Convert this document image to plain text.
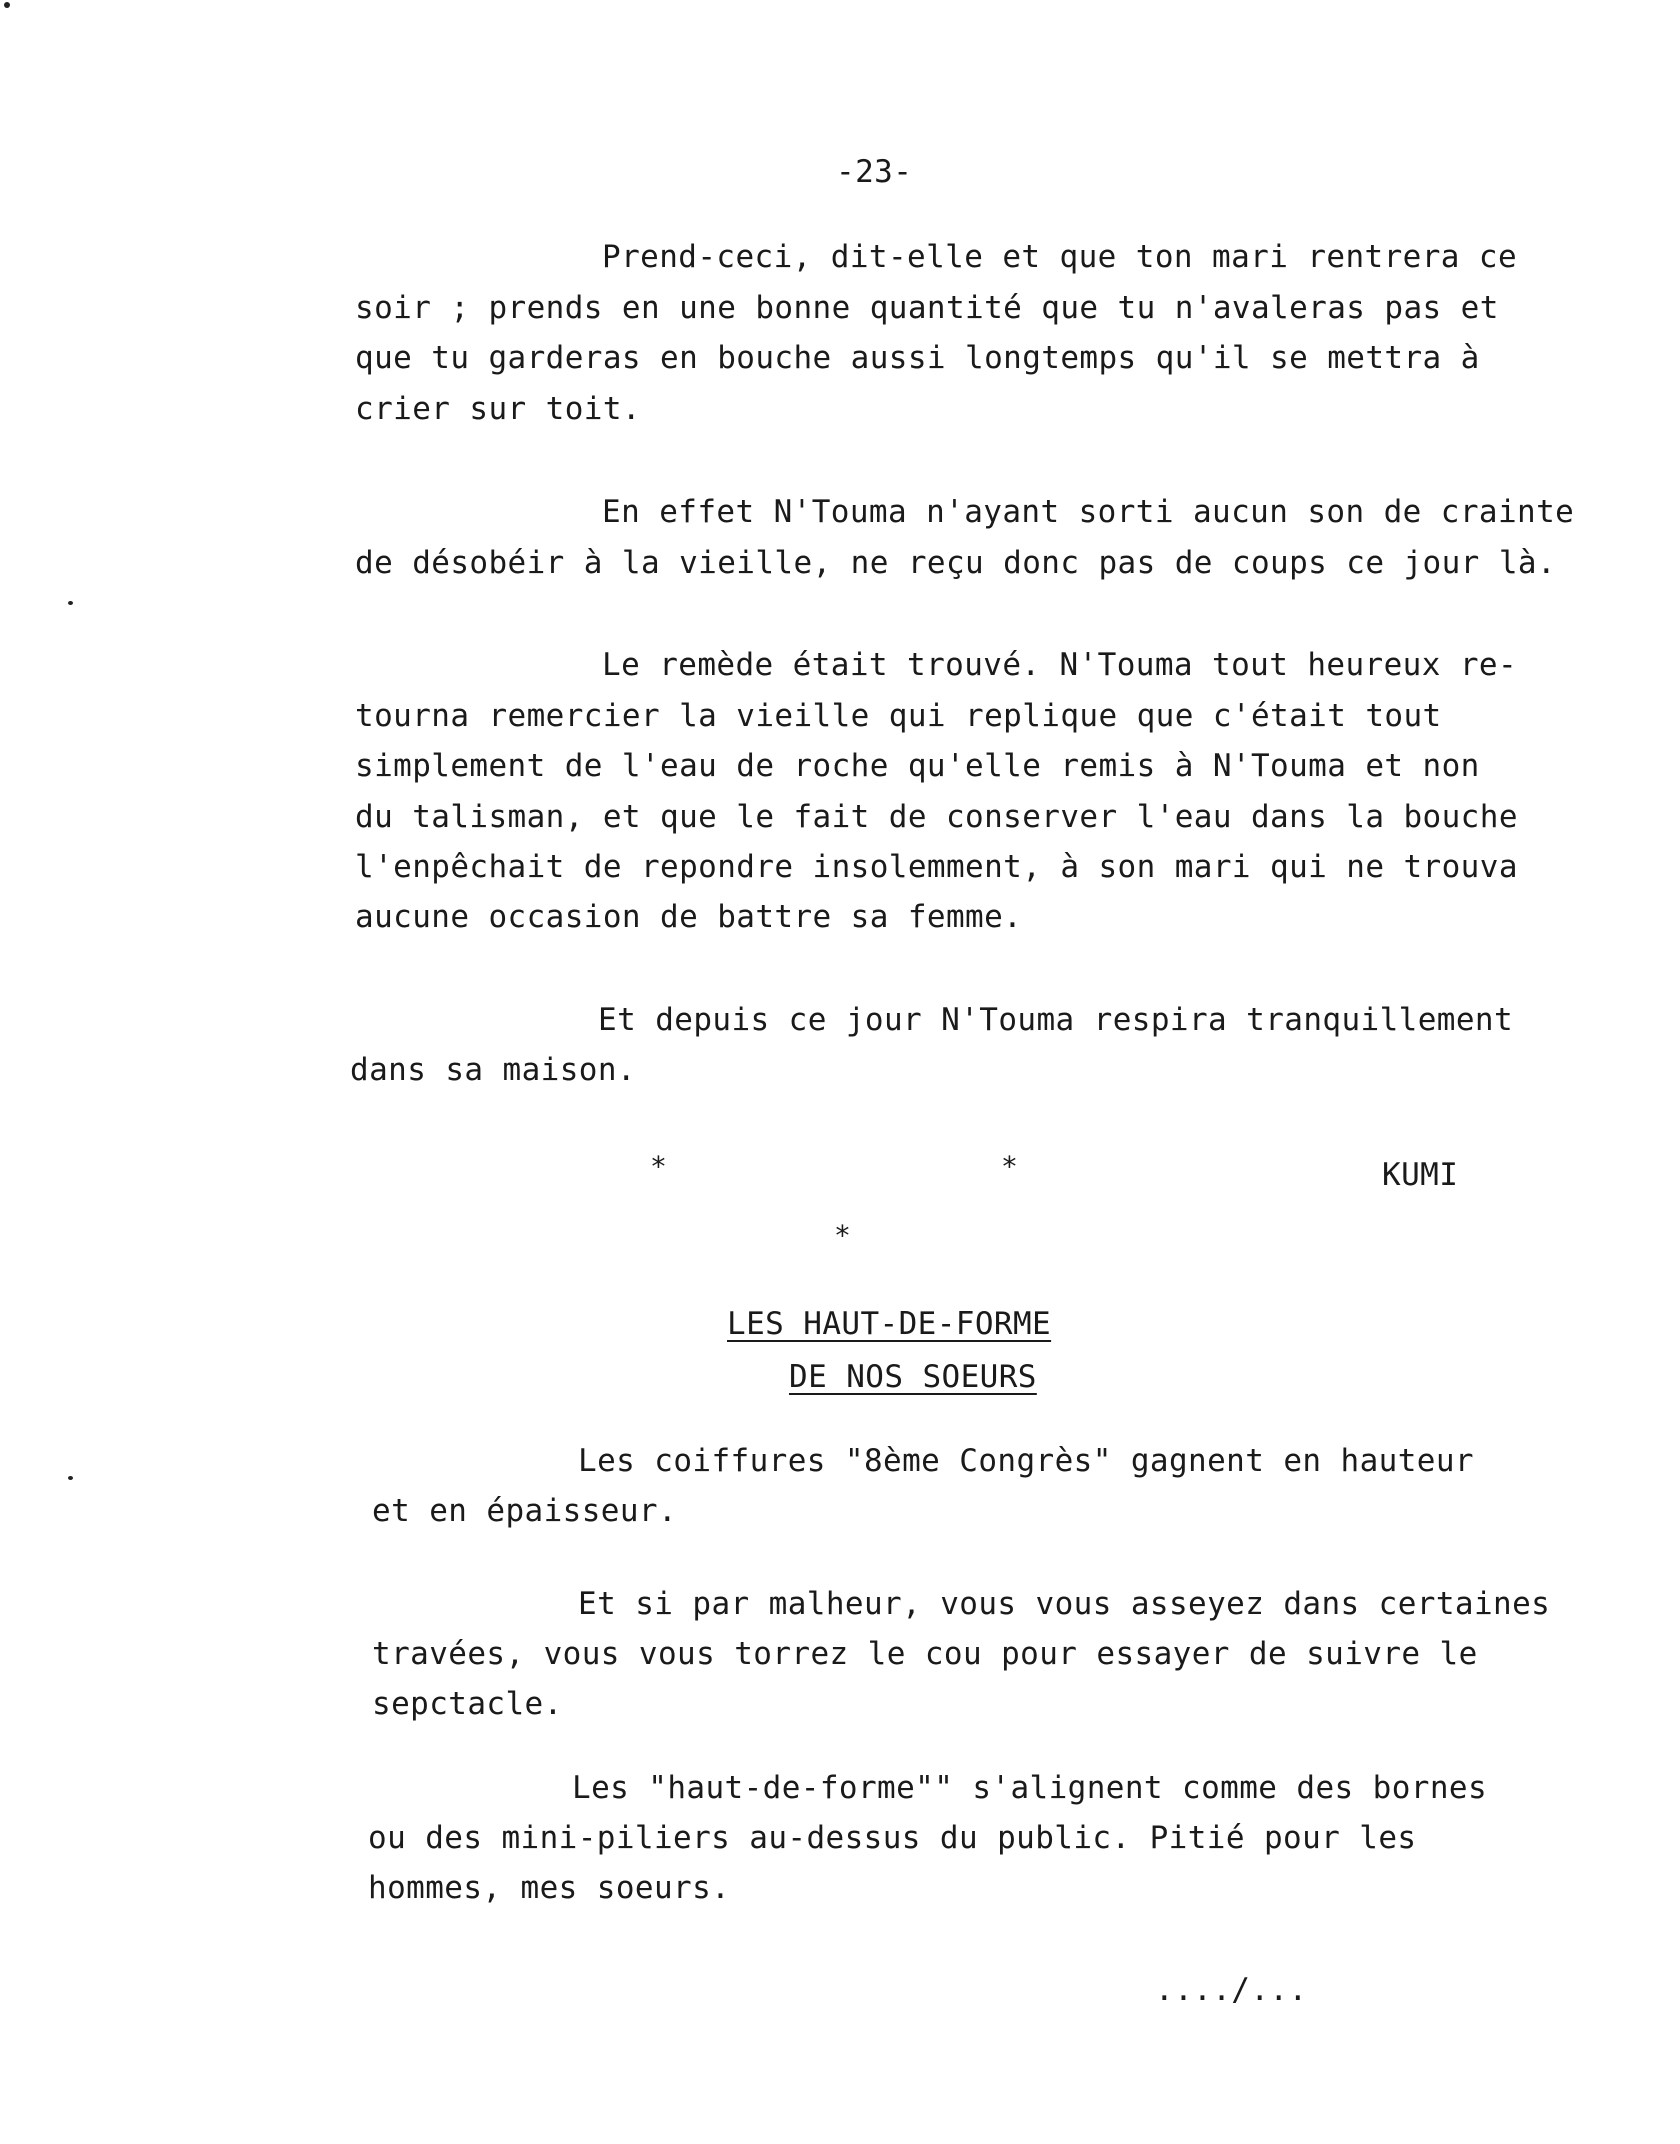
-23-
Prend-ceci, dit-elle et que ton mari rentrera ce
soir ; prends en une bonne quantité que tu n'avaleras pas et
que tu garderas en bouche aussi longtemps qu'il se mettra à
crier sur toit.
En effet N'Touma n'ayant sorti aucun son de crainte
de désobéir à la vieille, ne reçu donc pas de coups ce jour là.
Le remède était trouvé. N'Touma tout heureux re-
tourna remercier la vieille qui replique que c'était tout
simplement de l'eau de roche qu'elle remis à N'Touma et non
du talisman, et que le fait de conserver l'eau dans la bouche
l'enpêchait de repondre insolemment, à son mari qui ne trouva
aucune occasion de battre sa femme.
Et depuis ce jour N'Touma respira tranquillement
dans sa maison.
*	*	KUMI
*
LES HAUT-DE-FORME
DE NOS SOEURS
Les coiffures "8ème Congrès" gagnent en hauteur
et en épaisseur.
Et si par malheur, vous vous asseyez dans certaines
travées, vous vous torrez le cou pour essayer de suivre le
sepctacle.
Les "haut-de-forme"" s'alignent comme des bornes
ou des mini-piliers au-dessus du public. Pitié pour les
hommes, mes soeurs.
..../...
